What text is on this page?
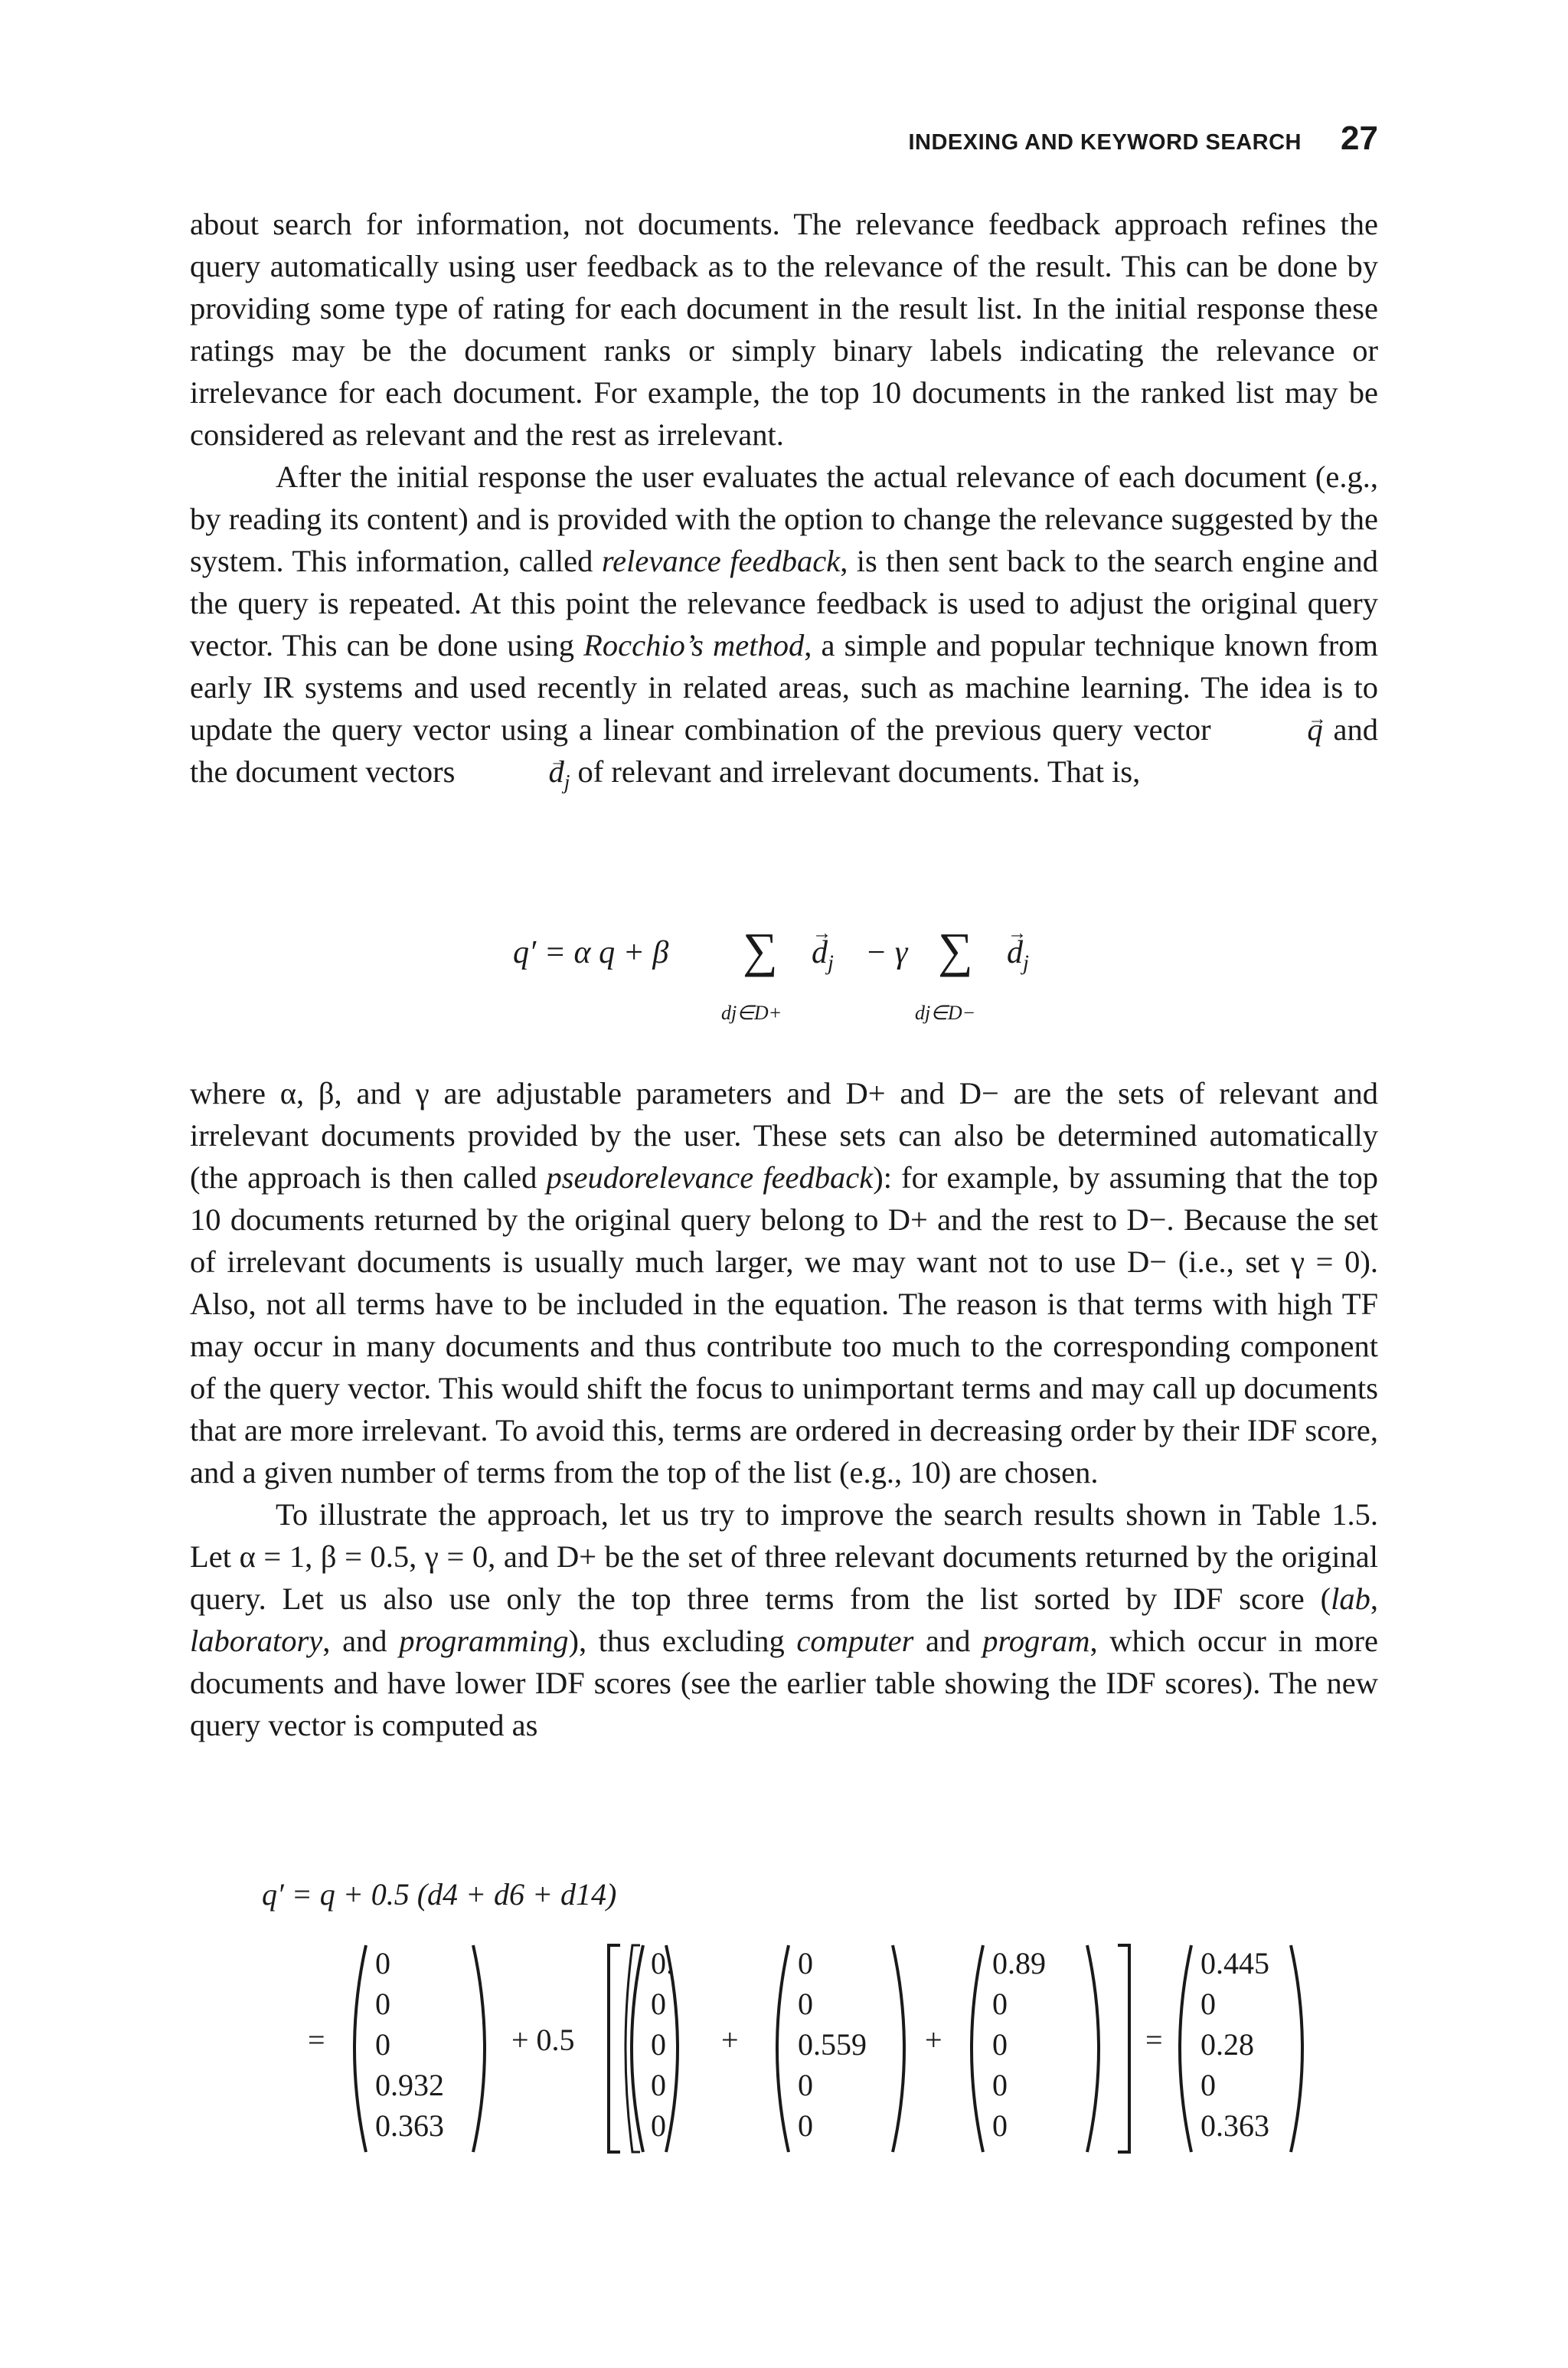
INDEXING AND KEYWORD SEARCH 27

about search for information, not documents. The relevance feedback approach refines the query automatically using user feedback as to the relevance of the result. This can be done by providing some type of rating for each document in the result list. In the initial response these ratings may be the document ranks or simply binary labels indicating the relevance or irrelevance for each document. For example, the top 10 documents in the ranked list may be considered as relevant and the rest as irrelevant.

After the initial response the user evaluates the actual relevance of each document (e.g., by reading its content) and is provided with the option to change the relevance suggested by the system. This information, called relevance feedback, is then sent back to the search engine and the query is repeated. At this point the relevance feedback is used to adjust the original query vector. This can be done using Rocchio’s method, a simple and popular technique known from early IR systems and used recently in related areas, such as machine learning. The idea is to update the query vector using a linear combination of the previous query vector	→ q and the document vectors	→ $d_j$ of relevant and irrelevant documents. That is,

q′ = α q + β ∑ → $d_j - \gamma$ ∑ → $d_j$
dj∈D+	dj∈D−

where α, β, and γ are adjustable parameters and D+ and D− are the sets of relevant and irrelevant documents provided by the user. These sets can also be determined automatically (the approach is then called pseudorelevance feedback): for example, by assuming that the top 10 documents returned by the original query belong to D+ and the rest to D−. Because the set of irrelevant documents is usually much larger, we may want not to use D− (i.e., set γ = 0). Also, not all terms have to be included in the equation. The reason is that terms with high TF may occur in many documents and thus contribute too much to the corresponding component of the query vector. This would shift the focus to unimportant terms and may call up documents that are more irrelevant. To avoid this, terms are ordered in decreasing order by their IDF score, and a given number of terms from the top of the list (e.g., 10) are chosen.

To illustrate the approach, let us try to improve the search results shown in Table 1.5. Let α = 1, β = 0.5, γ = 0, and D+ be the set of three relevant documents returned by the original query. Let us also use only the top three terms from the list sorted by IDF score (lab, laboratory, and programming), thus excluding computer and program, which occur in more documents and have lower IDF scores (see the earlier table showing the IDF scores). The new query vector is computed as

q′ = q + 0.5 (d4 + d6 + d14)
=
0
0
0
0.932
0.363
+ 0.5
0.
0
0
0
0
+
0
0
0.559
0
0
+
0.89
0
0
0
0
=
0.445
0
0.28
0
0.363
